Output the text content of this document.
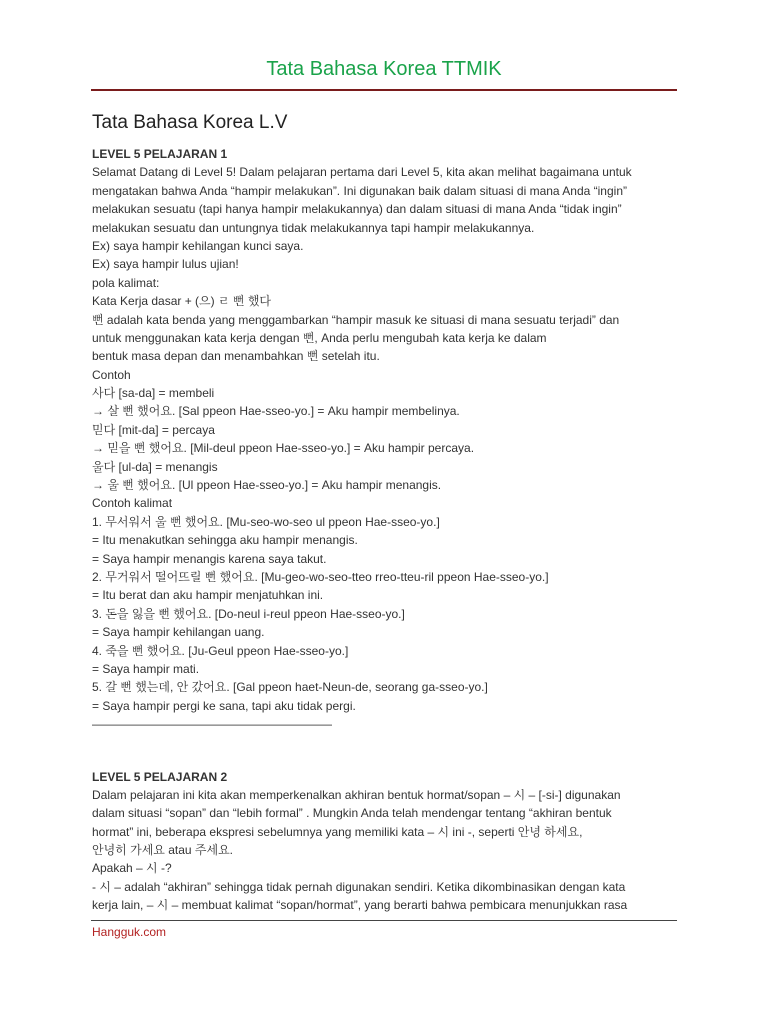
Tata Bahasa Korea TTMIK
Tata Bahasa Korea L.V
LEVEL 5 PELAJARAN 1
Selamat Datang di Level 5! Dalam pelajaran pertama dari Level 5, kita akan melihat bagaimana untuk
mengatakan bahwa Anda “hampir melakukan”. Ini digunakan baik dalam situasi di mana Anda “ingin”
melakukan sesuatu (tapi hanya hampir melakukannya) dan dalam situasi di mana Anda “tidak ingin”
melakukan sesuatu dan untungnya tidak melakukannya tapi hampir melakukannya.
Ex) saya hampir kehilangan kunci saya.
Ex) saya hampir lulus ujian!
pola kalimat:
Kata Kerja dasar + (으) ㄹ 뻔 했다
뻔 adalah kata benda yang menggambarkan “hampir masuk ke situasi di mana sesuatu terjadi” dan
untuk menggunakan kata kerja dengan 뻔, Anda perlu mengubah kata kerja ke dalam
bentuk masa depan dan menambahkan 뻔 setelah itu.
Contoh
사다 [sa-da] = membeli
→ 살 뻔 했어요. [Sal ppeon Hae-sseo-yo.] = Aku hampir membelinya.
믿다 [mit-da] = percaya
→ 믿을 뻔 했어요. [Mil-deul ppeon Hae-sseo-yo.] = Aku hampir percaya.
울다 [ul-da] = menangis
→ 울 뻔 했어요. [Ul ppeon Hae-sseo-yo.] = Aku hampir menangis.
Contoh kalimat
1. 무서워서 울 뻔 했어요. [Mu-seo-wo-seo ul ppeon Hae-sseo-yo.]
= Itu menakutkan sehingga aku hampir menangis.
= Saya hampir menangis karena saya takut.
2. 무거워서 떨어뜨릴 뻔 했어요. [Mu-geo-wo-seo-tteo rreo-tteu-ril ppeon Hae-sseo-yo.]
= Itu berat dan aku hampir menjatuhkan ini.
3. 돈을 잃을 뻔 했어요. [Do-neul i-reul ppeon Hae-sseo-yo.]
= Saya hampir kehilangan uang.
4. 죽을 뻔 했어요. [Ju-Geul ppeon Hae-sseo-yo.]
= Saya hampir mati.
5. 갈 뻔 했는데, 안 갔어요. [Gal ppeon haet-Neun-de, seorang ga-sseo-yo.]
= Saya hampir pergi ke sana, tapi aku tidak pergi.
————————————————————
LEVEL 5 PELAJARAN 2
Dalam pelajaran ini kita akan memperkenalkan akhiran bentuk hormat/sopan – 시 – [-si-] digunakan
dalam situasi “sopan” dan “lebih formal” . Mungkin Anda telah mendengar tentang “akhiran bentuk
hormat” ini, beberapa ekspresi sebelumnya yang memiliki kata – 시 ini -, seperti 안녕 하세요,
안녕히 가세요 atau 주세요.
Apakah – 시 -?
- 시 – adalah “akhiran” sehingga tidak pernah digunakan sendiri. Ketika dikombinasikan dengan kata
kerja lain, – 시 – membuat kalimat “sopan/hormat”, yang berarti bahwa pembicara menunjukkan rasa
Hangguk.com
